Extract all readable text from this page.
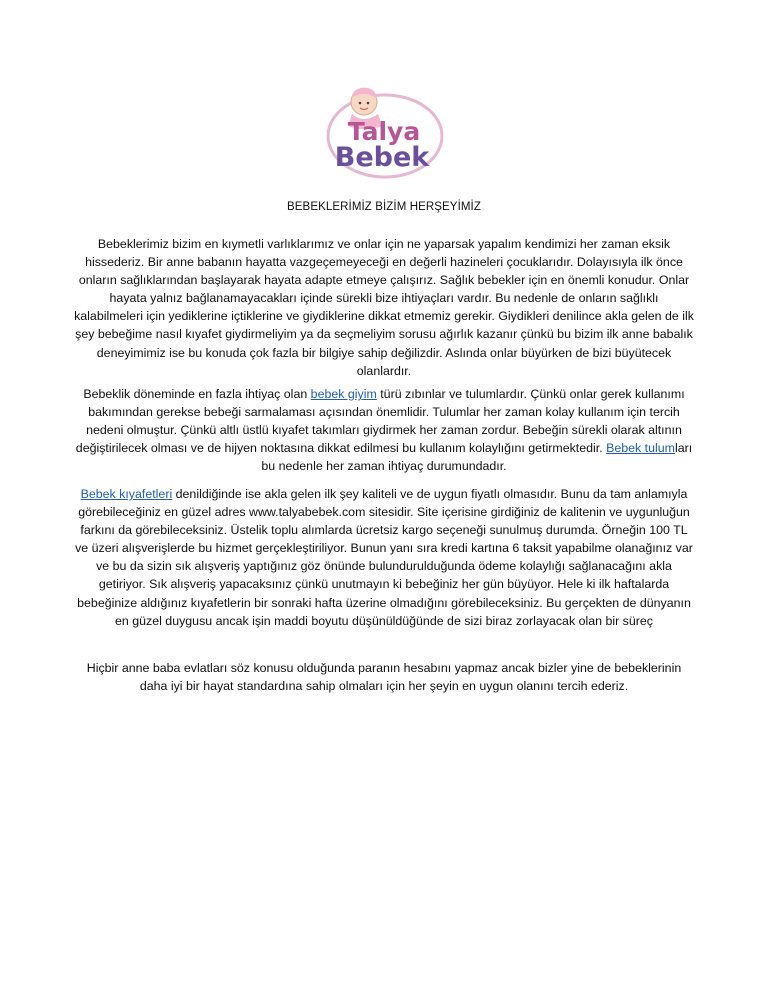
Talya
Bebek
BEBEKLERİMİZ BİZİM HERŞEYİMİZ

Bebeklerimiz bizim en kıymetli varlıklarımız ve onlar için ne yaparsak yapalım kendimizi her zaman eksik hissederiz. Bir anne babanın hayatta vazgeçemeyeceği en değerli hazineleri çocuklarıdır. Dolayısıyla ilk önce onların sağlıklarından başlayarak hayata adapte etmeye çalışırız. Sağlık bebekler için en önemli konudur. Onlar hayata yalnız bağlanamayacakları içinde sürekli bize ihtiyaçları vardır. Bu nedenle de onların sağlıklı kalabilmeleri için yediklerine içtiklerine ve giydiklerine dikkat etmemiz gerekir. Giydikleri denilince akla gelen de ilk şey bebeğime nasıl kıyafet giydirmeliyim ya da seçmeliyim sorusu ağırlık kazanır çünkü bu bizim ilk anne babalık deneyimimiz ise bu konuda çok fazla bir bilgiye sahip değilizdir. Aslında onlar büyürken de bizi büyütecek olanlardır.

Bebeklik döneminde en fazla ihtiyaç olan bebek giyim türü zıbınlar ve tulumlardır. Çünkü onlar gerek kullanımı bakımından gerekse bebeği sarmalaması açısından önemlidir. Tulumlar her zaman kolay kullanım için tercih nedeni olmuştur. Çünkü altlı üstlü kıyafet takımları giydirmek her zaman zordur. Bebeğin sürekli olarak altının değiştirilecek olması ve de hijyen noktasına dikkat edilmesi bu kullanım kolaylığını getirmektedir. Bebek tulumları bu nedenle her zaman ihtiyaç durumundadır.

Bebek kıyafetleri denildiğinde ise akla gelen ilk şey kaliteli ve de uygun fiyatlı olmasıdır. Bunu da tam anlamıyla görebileceğiniz en güzel adres www.talyabebek.com sitesidir. Site içerisine girdiğiniz de kalitenin ve uygunluğun farkını da görebileceksiniz. Üstelik toplu alımlarda ücretsiz kargo seçeneği sunulmuş durumda. Örneğin 100 TL ve üzeri alışverişlerde bu hizmet gerçekleştiriliyor. Bunun yanı sıra kredi kartına 6 taksit yapabilme olanağınız var ve bu da sizin sık alışveriş yaptığınız göz önünde bulundurulduğunda ödeme kolaylığı sağlanacağını akla getiriyor. Sık alışveriş yapacaksınız çünkü unutmayın ki bebeğiniz her gün büyüyor. Hele ki ilk haftalarda bebeğinize aldığınız kıyafetlerin bir sonraki hafta üzerine olmadığını görebileceksiniz. Bu gerçekten de dünyanın en güzel duygusu ancak işin maddi boyutu düşünüldüğünde de sizi biraz zorlayacak olan bir süreç

Hiçbir anne baba evlatları söz konusu olduğunda paranın hesabını yapmaz ancak bizler yine de bebeklerinin daha iyi bir hayat standardına sahip olmaları için her şeyin en uygun olanını tercih ederiz.
